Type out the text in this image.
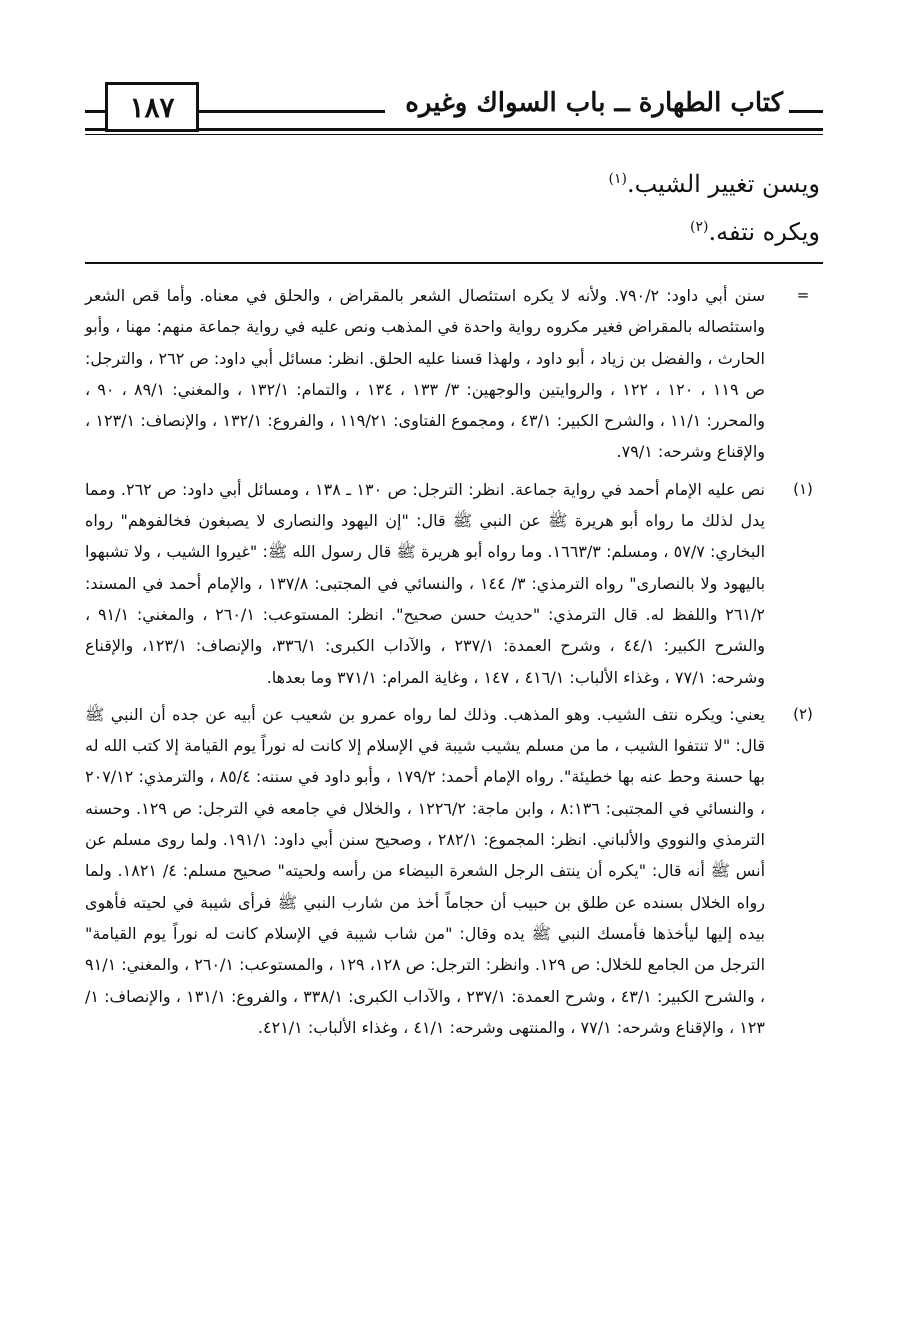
١٨٧	كتاب الطهارة ــ باب السواك وغيره
ويسن تغيير الشيب.$^{(١)}$
ويكره نتفه.$^{(٢)}$
=
سنن أبي داود: ٧٩٠/٢. ولأنه لا يكره استئصال الشعر بالمقراض ، والحلق في معناه. وأما قص الشعر واستئصاله بالمقراض فغير مكروه رواية واحدة في المذهب ونص عليه في رواية جماعة منهم: مهنا ، وأبو الحارث ، والفضل بن زياد ، أبو داود ، ولهذا قسنا عليه الحلق. انظر: مسائل أبي داود: ص ٢٦٢ ، والترجل: ص ١١٩ ، ١٢٠ ، ١٢٢ ، والروايتين والوجهين: ٣/ ١٣٣ ، ١٣٤ ، والتمام: ١٣٢/١ ، والمغني: ٨٩/١ ، ٩٠ ، والمحرر: ١١/١ ، والشرح الكبير: ٤٣/١ ، ومجموع الفتاوى: ١١٩/٢١ ، والفروع: ١٣٢/١ ، والإنصاف: ١٢٣/١ ، والإقناع وشرحه: ٧٩/١.
(١)
نص عليه الإمام أحمد في رواية جماعة. انظر: الترجل: ص ١٣٠ ـ ١٣٨ ، ومسائل أبي داود: ص ٢٦٢. ومما يدل لذلك ما رواه أبو هريرة ﷺ عن النبي ﷺ قال: "إن اليهود والنصارى لا يصبغون فخالفوهم" رواه البخاري: ٥٧/٧ ، ومسلم: ١٦٦٣/٣. وما رواه أبو هريرة ﷺ قال رسول الله ﷺ: "غيروا الشيب ، ولا تشبهوا باليهود ولا بالنصارى" رواه الترمذي: ٣/ ١٤٤ ، والنسائي في المجتبى: ١٣٧/٨ ، والإمام أحمد في المسند: ٢٦١/٢ واللفظ له. قال الترمذي: "حديث حسن صحيح". انظر: المستوعب: ٢٦٠/١ ، والمغني: ٩١/١ ، والشرح الكبير: ٤٤/١ ، وشرح العمدة: ٢٣٧/١ ، والآداب الكبرى: ٣٣٦/١، والإنصاف: ١٢٣/١، والإقناع وشرحه: ٧٧/١ ، وغذاء الألباب: ٤١٦/١ ، ١٤٧ ، وغاية المرام: ٣٧١/١ وما بعدها.
(٢)
يعني: ويكره نتف الشيب. وهو المذهب. وذلك لما رواه عمرو بن شعيب عن أبيه عن جده أن النبي ﷺ قال: "لا تنتفوا الشيب ، ما من مسلم يشيب شيبة في الإسلام إلا كانت له نوراً يوم القيامة إلا كتب الله له بها حسنة وحط عنه بها خطيئة". رواه الإمام أحمد: ١٧٩/٢ ، وأبو داود في سننه: ٨٥/٤ ، والترمذي: ٢٠٧/١٢ ، والنسائي في المجتبى: ٨:١٣٦ ، وابن ماجة: ١٢٢٦/٢ ، والخلال في جامعه في الترجل: ص ١٢٩. وحسنه الترمذي والنووي والألباني. انظر: المجموع: ٢٨٢/١ ، وصحيح سنن أبي داود: ١٩١/١. ولما روى مسلم عن أنس ﷺ أنه قال: "يكره أن ينتف الرجل الشعرة البيضاء من رأسه ولحيته" صحيح مسلم: ٤/ ١٨٢١. ولما رواه الخلال بسنده عن طلق بن حبيب أن حجاماً أخذ من شارب النبي ﷺ فرأى شيبة في لحيته فأهوى بيده إليها ليأخذها فأمسك النبي ﷺ يده وقال: "من شاب شيبة في الإسلام كانت له نوراً يوم القيامة" الترجل من الجامع للخلال: ص ١٢٩. وانظر: الترجل: ص ١٢٨، ١٢٩ ، والمستوعب: ٢٦٠/١ ، والمغني: ٩١/١ ، والشرح الكبير: ٤٣/١ ، وشرح العمدة: ٢٣٧/١ ، والآداب الكبرى: ٣٣٨/١ ، والفروع: ١٣١/١ ، والإنصاف: ١/ ١٢٣ ، والإقناع وشرحه: ٧٧/١ ، والمنتهى وشرحه: ٤١/١ ، وغذاء الألباب: ٤٢١/١.
